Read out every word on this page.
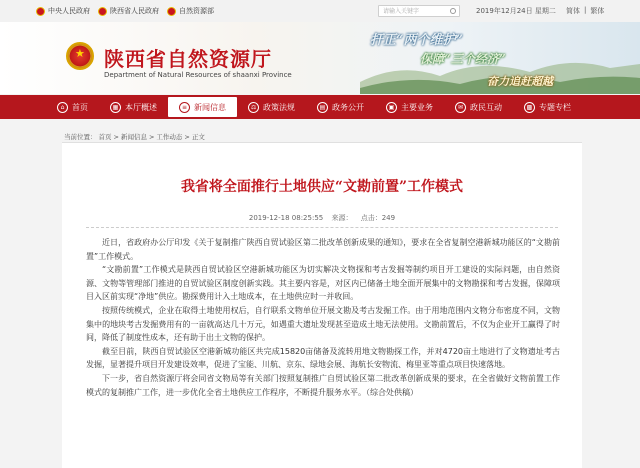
中央人民政府	陕西省人民政府	自然资源部	请输入关键字	2019年12月24日 星期二 简体 | 繁体
★
陕西省自然资源厅
Department of Natural Resources of shaanxi Province
扞正“两个维护”
保障“三个经济”
奋力追赶超越
⌂ 首页	▦ 本厅概述	≡ 新闻信息	⚖ 政策法规	▤ 政务公开	▣ 主要业务	✉ 政民互动	▩ 专题专栏
当前位置： 首页 > 新闻信息 > 工作动态 > 正文
我省将全面推行土地供应“文勘前置”工作模式
2019-12-18 08:25:55 来源： 点击：249

近日，省政府办公厅印发《关于复制推广陕西自贸试验区第二批改革创新成果的通知》，要求在全省复制空港新城功能区的“文勘前置”工作模式。

“文勘前置”工作模式是陕西自贸试验区空港新城功能区为切实解决文物探和考古发掘等制约项目开工建设的实际问题，由自然资源、文物等管理部门推进的自贸试验区制度创新实践。其主要内容是，对区内已储备土地全面开展集中的文物勘探和考古发掘，保障项目入区前实现“净地”供应。勘探费用计入土地成本，在土地供应时一并收回。

按照传统模式，企业在取得土地使用权后，自行联系文物单位开展文勘及考古发掘工作。由于用地范围内文物分布密度不同，文物集中的地块考古发掘费用有的一亩就高达几十万元，如遇重大遗址发现甚至造成土地无法使用。文勘前置后，不仅为企业开工赢得了时间，降低了制度性成本，还有助于出土文物的保护。

截至目前，陕西自贸试验区空港新城功能区共完成15820亩储备及流转用地文物勘探工作，并对4720亩土地进行了文物遗址考古发掘，显著提升项目开发建设效率，促进了宝能、川航、京东、绿地会展、海航长安物流、梅里亚等重点项目快速落地。

下一步，省自然资源厅将会同省文物局等有关部门按照复制推广自贸试验区第二批改革创新成果的要求，在全省做好文物前置工作模式的复制推广工作，进一步优化全省土地供应工作程序，不断提升服务水平。（综合处供稿）
